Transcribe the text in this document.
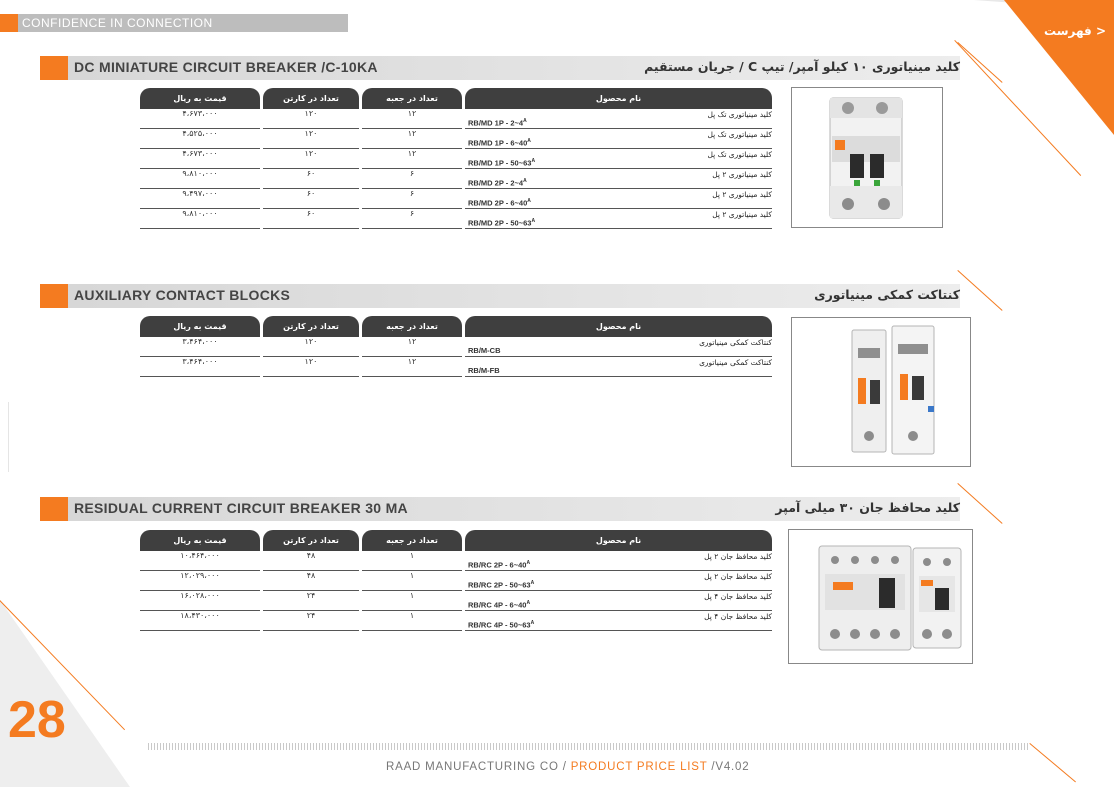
< فهرست
CONFIDENCE IN CONNECTION
DC MINIATURE CIRCUIT BREAKER /C-10KA	کلید مینیاتوری ۱۰ کیلو آمپر/ تیپ C / جریان مستقیم
قیمت به ریال		تعداد در کارتن		تعداد در جعبه		نام محصول
۴،۶۷۳،۰۰۰		۱۲۰		۱۲		RB/MD $1P - 2\sim 4^A$
کلید مینیاتوری تک پل

۴،۵۲۵،۰۰۰		۱۲۰		۱۲		RB/MD $1P - 6\sim 40^A$
کلید مینیاتوری تک پل

۴،۶۷۳،۰۰۰		۱۲۰		۱۲		RB/MD $1P - 50\sim 63^A$
کلید مینیاتوری تک پل

۹،۸۱۰،۰۰۰		۶۰		۶		RB/MD $2P - 2\sim 4^A$
کلید مینیاتوری ۲ پل

۹،۴۹۷،۰۰۰		۶۰		۶		RB/MD $2P - 6\sim 40^A$
کلید مینیاتوری ۲ پل

۹،۸۱۰،۰۰۰		۶۰		۶		RB/MD $2P - 50\sim 63^A$
کلید مینیاتوری ۲ پل
AUXILIARY CONTACT BLOCKS	کنتاکت کمکی مینیاتوری
قیمت به ریال		تعداد در کارتن		تعداد در جعبه		نام محصول
۳،۴۶۴،۰۰۰		۱۲۰		۱۲		RB/M-CB
کنتاکت کمکی مینیاتوری

۳،۴۶۴،۰۰۰		۱۲۰		۱۲		RB/M-FB
کنتاکت کمکی مینیاتوری
RESIDUAL CURRENT CIRCUIT BREAKER 30 MA	کلید محافظ جان ۳۰ میلی آمپر
قیمت به ریال		تعداد در کارتن		تعداد در جعبه		نام محصول
۱۰،۴۶۴،۰۰۰		۴۸		۱		RB/RC $2P - 6\sim 40^A$
کلید محافظ جان ۲ پل

۱۲،۰۲۹،۰۰۰		۴۸		۱		RB/RC $2P - 50\sim 63^A$
کلید محافظ جان ۲ پل

۱۶،۰۲۸،۰۰۰		۲۴		۱		RB/RC $4P - 6\sim 40^A$
کلید محافظ جان ۴ پل

۱۸،۴۳۰،۰۰۰		۲۴		۱		RB/RC $4P - 50\sim 63^A$
کلید محافظ جان ۴ پل
RAAD MANUFACTURING CO / PRODUCT PRICE LIST /V4.02
28
